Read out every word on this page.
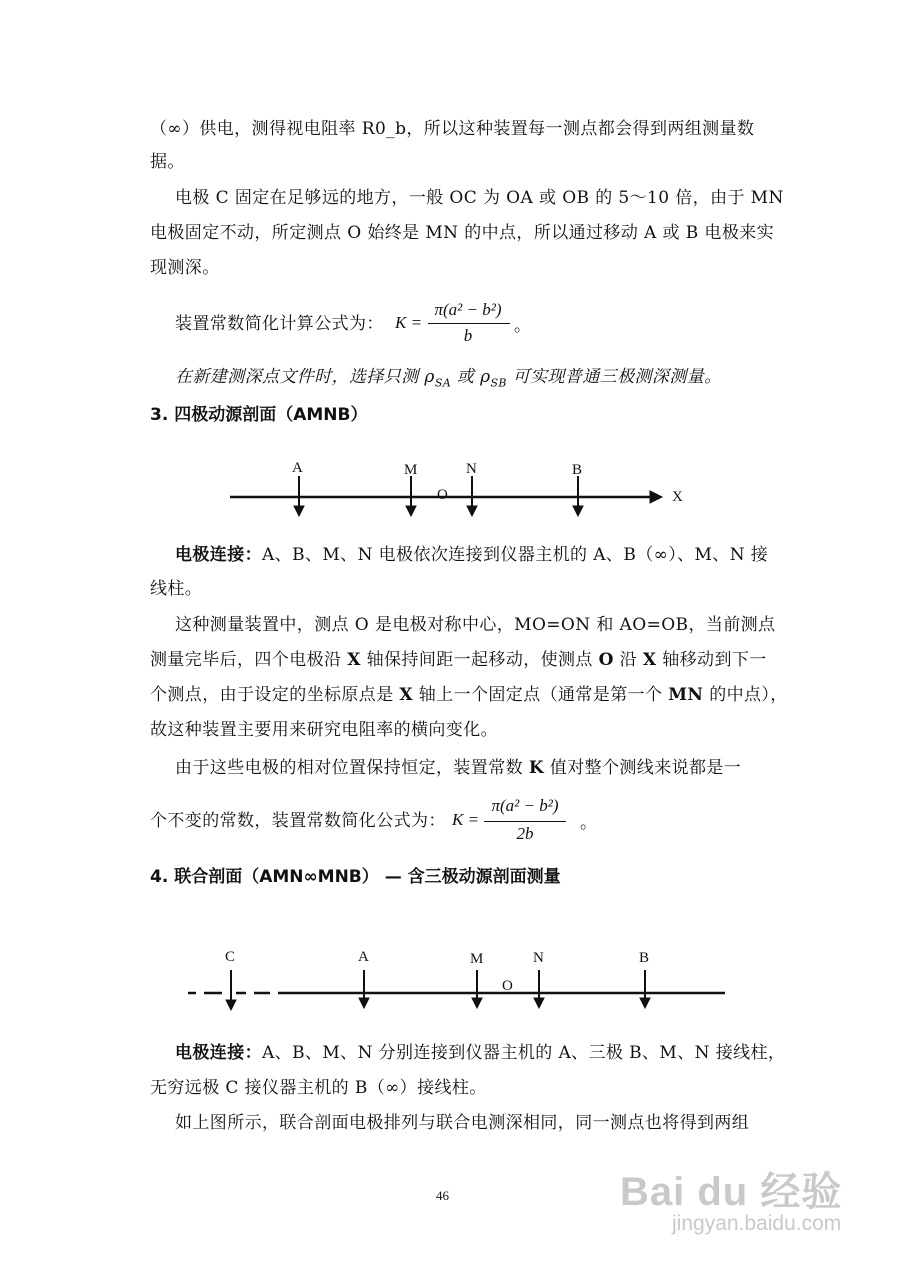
（∞）供电，测得视电阻率 R0_b，所以这种装置每一测点都会得到两组测量数
据。
电极 C 固定在足够远的地方，一般 OC 为 OA 或 OB 的 5～10 倍，由于 MN
电极固定不动，所定测点 O 始终是 MN 的中点，所以通过移动 A 或 B 电极来实
现测深。
装置常数简化计算公式为： K =
π(a² − b²)
b	。
在新建测深点文件时，选择只测 $\rho_{SA}$ 或 $\rho_{SB}$ 可实现普通三极测深测量。
3. 四极动源剖面（AMNB）
A	M	N	B
O	X
电极连接：A、B、M、N 电极依次连接到仪器主机的 A、B（∞）、M、N 接
线柱。
这种测量装置中，测点 O 是电极对称中心，MO=ON 和 AO=OB，当前测点
测量完毕后，四个电极沿 X 轴保持间距一起移动，使测点 O 沿 X 轴移动到下一
个测点，由于设定的坐标原点是 X 轴上一个固定点（通常是第一个 MN 的中点），
故这种装置主要用来研究电阻率的横向变化。
由于这些电极的相对位置保持恒定，装置常数 K 值对整个测线来说都是一
个不变的常数，装置常数简化公式为： K =
π(a² − b²)
2b
。
4. 联合剖面（AMN∞MNB） — 含三极动源剖面测量
C	A	M	N	B
O
电极连接：A、B、M、N 分别连接到仪器主机的 A、三极 B、M、N 接线柱，
无穷远极 C 接仪器主机的 B（∞）接线柱。
如上图所示，联合剖面电极排列与联合电测深相同，同一测点也将得到两组
46	Bai du 经验
jingyan.baidu.com
